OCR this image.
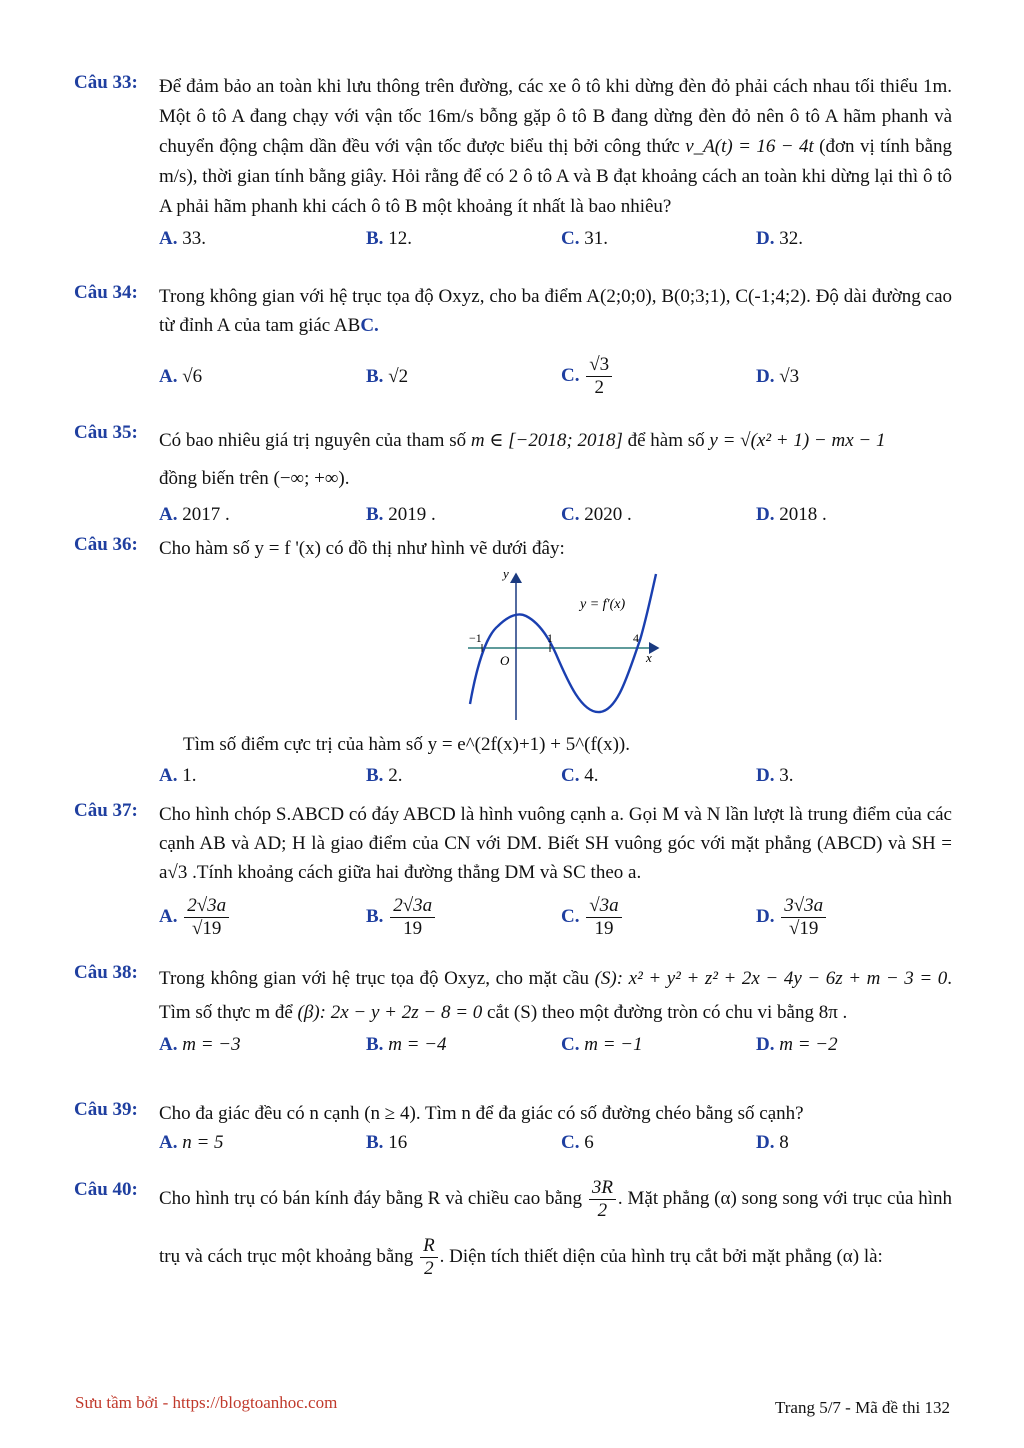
Câu 33: Để đảm bảo an toàn khi lưu thông trên đường, các xe ô tô khi dừng đèn đỏ phải cách nhau tối thiểu 1m. Một ô tô A đang chạy với vận tốc 16m/s bỗng gặp ô tô B đang dừng đèn đỏ nên ô tô A hãm phanh và chuyển động chậm dần đều với vận tốc được biểu thị bởi công thức v_A(t) = 16 − 4t (đơn vị tính bằng m/s), thời gian tính bằng giây. Hỏi rằng để có 2 ô tô A và B đạt khoảng cách an toàn khi dừng lại thì ô tô A phải hãm phanh khi cách ô tô B một khoảng ít nhất là bao nhiêu?

A. 33.	B. 12.	C. 31.	D. 32.
Câu 34: Trong không gian với hệ trục tọa độ Oxyz, cho ba điểm A(2;0;0), B(0;3;1), C(-1;4;2). Độ dài đường cao từ đỉnh A của tam giác ABC.

A. √6	B. √2	C. $\frac{√3}{2}$	D. √3
Câu 35: Có bao nhiêu giá trị nguyên của tham số m ∈ [−2018; 2018] để hàm số y = √(x² + 1) − mx − 1
đồng biến trên (−∞; +∞).

A. 2017 .	B. 2019 .	C. 2020 .	D. 2018 .
Câu 36: Cho hàm số y = f '(x) có đồ thị như hình vẽ dưới đây:

y
x
O
y = f′(x)
−1	1	4

Tìm số điểm cực trị của hàm số y = e^(2f(x)+1) + 5^(f(x)).

A. 1.	B. 2.	C. 4.	D. 3.
Câu 37: Cho hình chóp S.ABCD có đáy ABCD là hình vuông cạnh a. Gọi M và N lần lượt là trung điểm của các cạnh AB và AD; H là giao điểm của CN với DM. Biết SH vuông góc với mặt phẳng (ABCD) và SH = a√3 .Tính khoảng cách giữa hai đường thẳng DM và SC theo a.

A. $\frac{2√3a}{√19}$	B. $\frac{2√3a}{19}$	C. $\frac{√3a}{19}$	D. $\frac{3√3a}{√19}$
Câu 38: Trong không gian với hệ trục tọa độ Oxyz, cho mặt cầu (S): x² + y² + z² + 2x − 4y − 6z + m − 3 = 0. Tìm số thực m để (β): 2x − y + 2z − 8 = 0 cắt (S) theo một đường tròn có chu vi bằng 8π .

A. m = −3	B. m = −4	C. m = −1	D. m = −2
Câu 39: Cho đa giác đều có n cạnh (n ≥ 4). Tìm n để đa giác có số đường chéo bằng số cạnh?

A. n = 5	B. 16	C. 6	D. 8
Câu 40: Cho hình trụ có bán kính đáy bằng R và chiều cao bằng $\frac{3R}{2}$ . Mặt phẳng (α) song song với trục của hình trụ và cách trục một khoảng bằng $\frac{R}{2}$ . Diện tích thiết diện của hình trụ cắt bởi mặt phẳng (α) là:

Sưu tầm bởi - https://blogtoanhoc.com	Trang 5/7 - Mã đề thi 132
